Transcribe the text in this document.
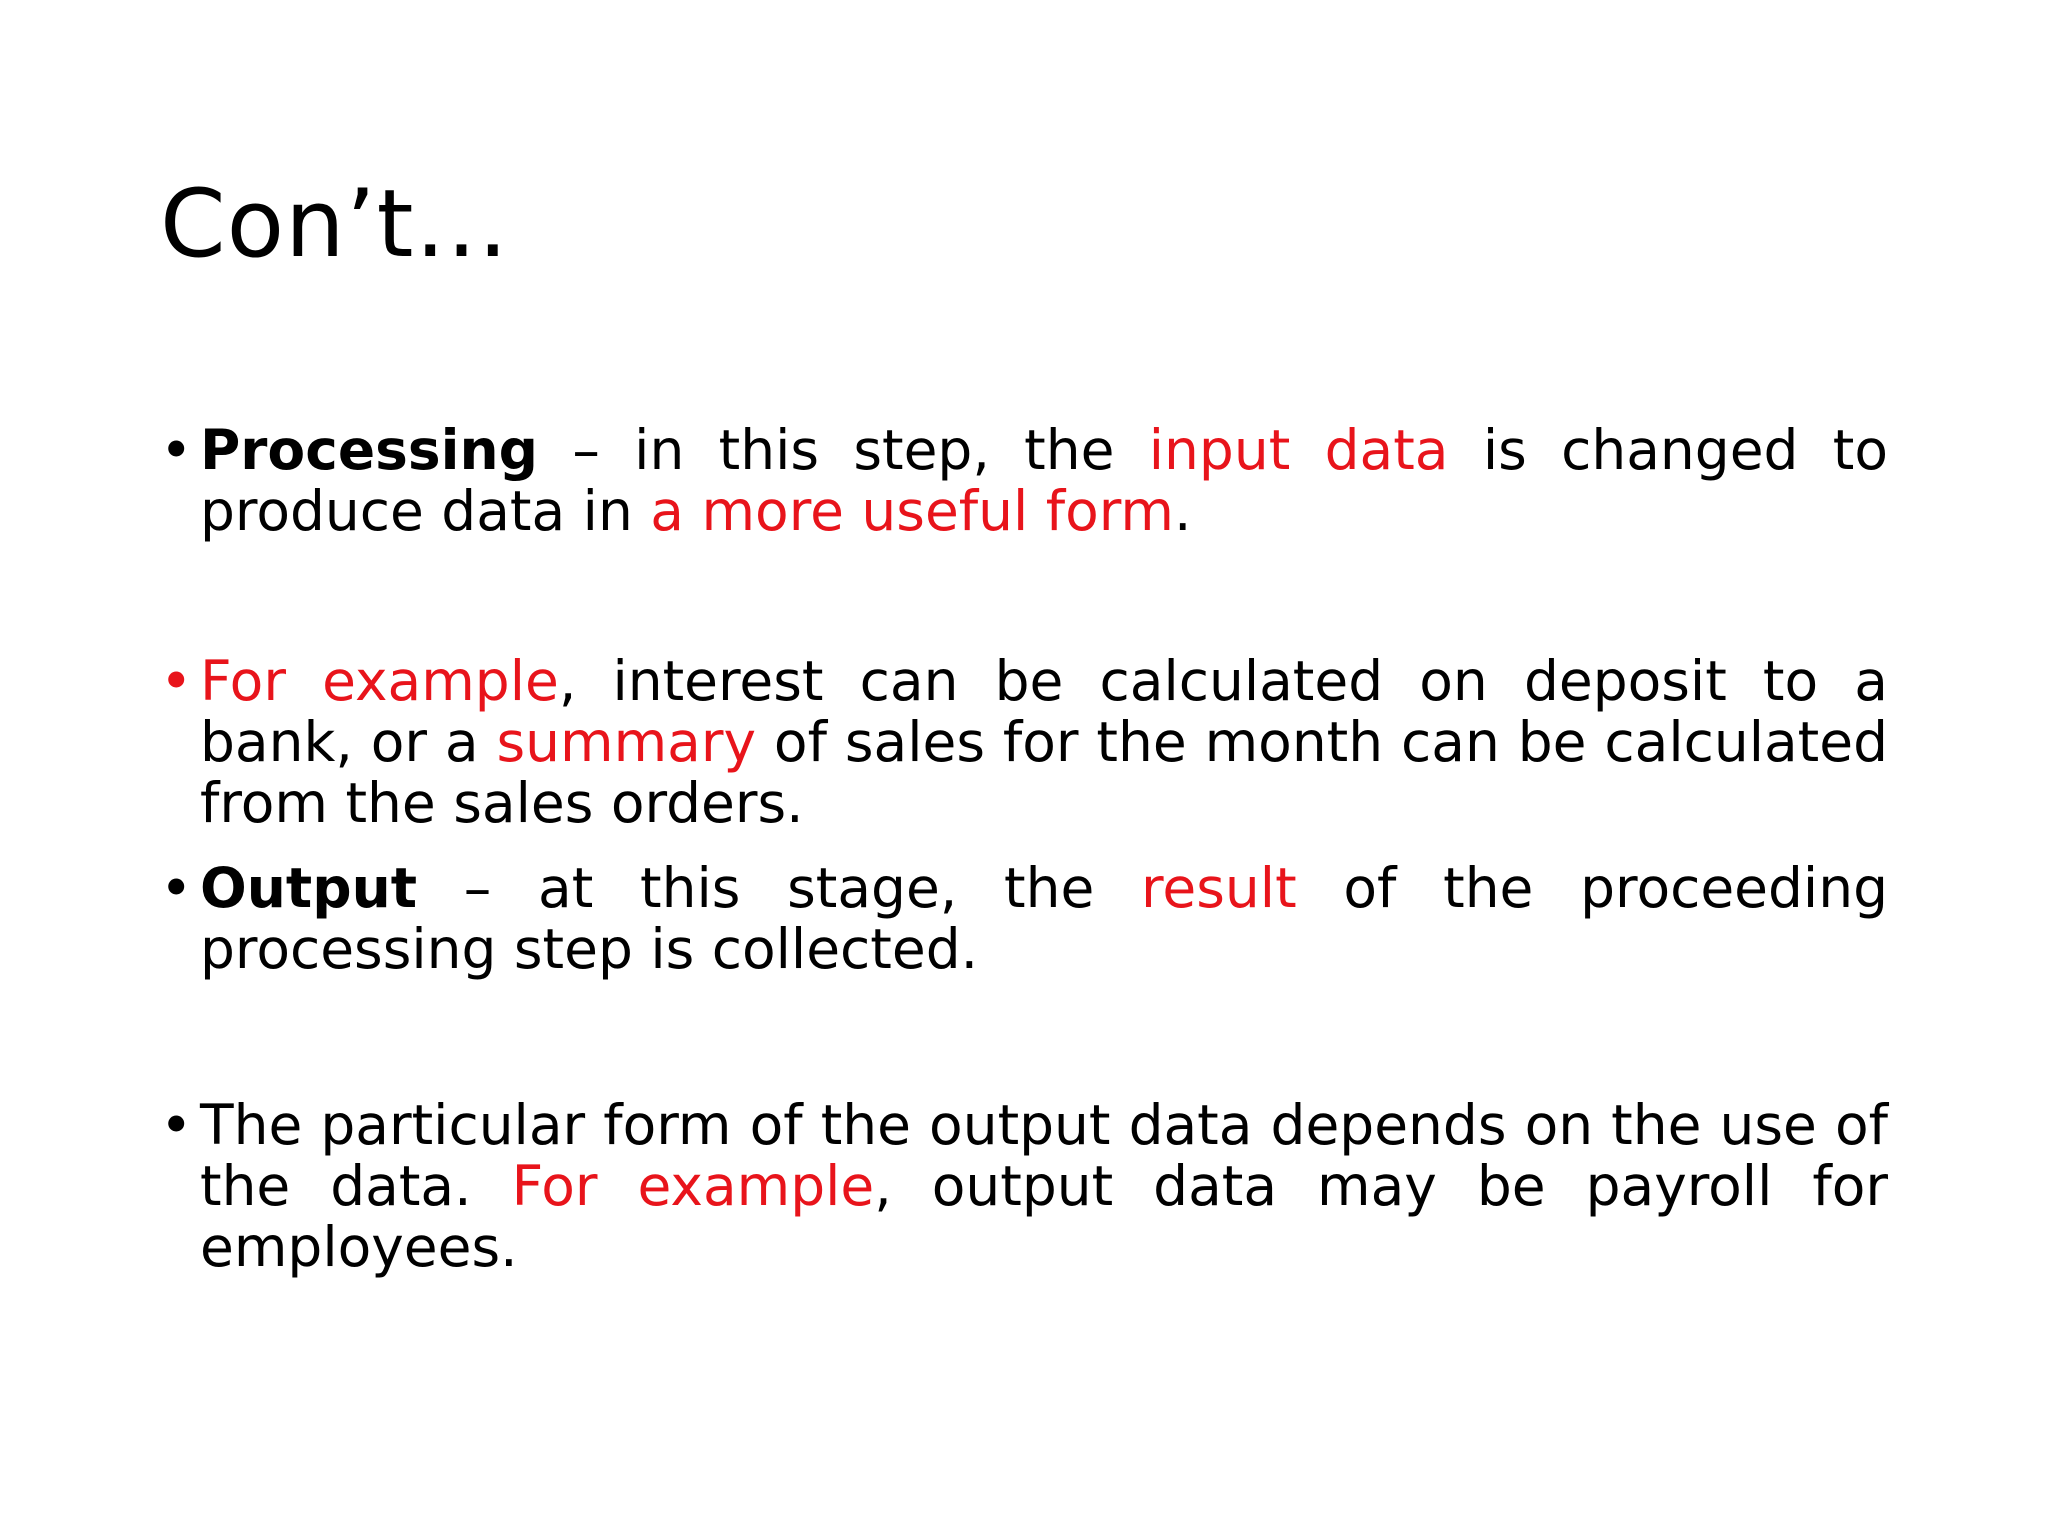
Con’t…
• Processing – in this step, the input data is changed to produce data in a more useful form.
• For example, interest can be calculated on deposit to a bank, or a summary of sales for the month can be calculated from the sales orders.
• Output – at this stage, the result of the proceeding processing step is collected.
• The particular form of the output data depends on the use of the data. For example, output data may be payroll for employees.
